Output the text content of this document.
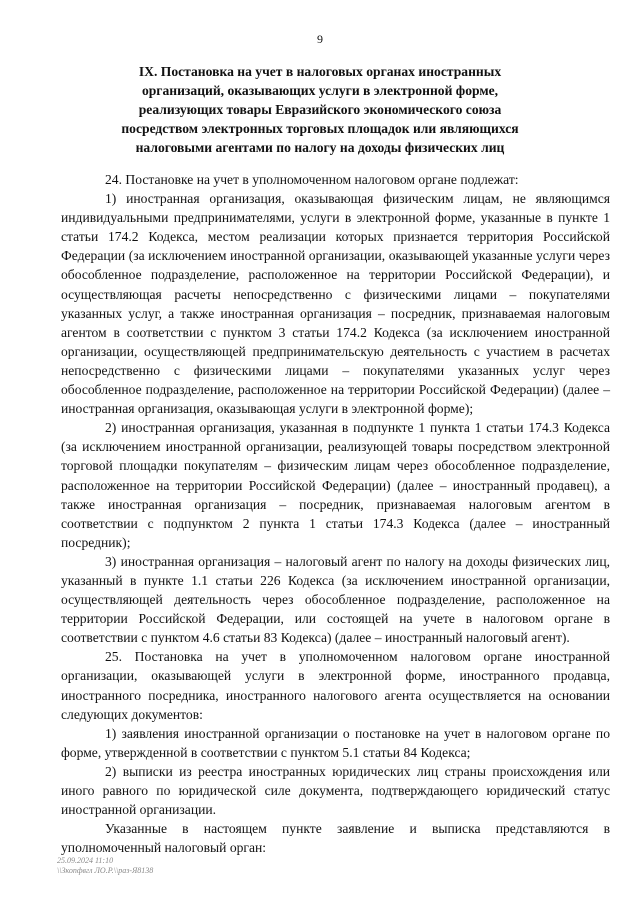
9
IX. Постановка на учет в налоговых органах иностранных организаций, оказывающих услуги в электронной форме, реализующих товары Евразийского экономического союза посредством электронных торговых площадок или являющихся налоговыми агентами по налогу на доходы физических лиц

24. Постановке на учет в уполномоченном налоговом органе подлежат:

1) иностранная организация, оказывающая физическим лицам, не являющимся индивидуальными предпринимателями, услуги в электронной форме, указанные в пункте 1 статьи 174.2 Кодекса, местом реализации которых признается территория Российской Федерации (за исключением иностранной организации, оказывающей указанные услуги через обособленное подразделение, расположенное на территории Российской Федерации), и осуществляющая расчеты непосредственно с физическими лицами – покупателями указанных услуг, а также иностранная организация – посредник, признаваемая налоговым агентом в соответствии с пунктом 3 статьи 174.2 Кодекса (за исключением иностранной организации, осуществляющей предпринимательскую деятельность с участием в расчетах непосредственно с физическими лицами – покупателями указанных услуг через обособленное подразделение, расположенное на территории Российской Федерации) (далее – иностранная организация, оказывающая услуги в электронной форме);

2) иностранная организация, указанная в подпункте 1 пункта 1 статьи 174.3 Кодекса (за исключением иностранной организации, реализующей товары посредством электронной торговой площадки покупателям – физическим лицам через обособленное подразделение, расположенное на территории Российской Федерации) (далее – иностранный продавец), а также иностранная организация – посредник, признаваемая налоговым агентом в соответствии с подпунктом 2 пункта 1 статьи 174.3 Кодекса (далее – иностранный посредник);

3) иностранная организация – налоговый агент по налогу на доходы физических лиц, указанный в пункте 1.1 статьи 226 Кодекса (за исключением иностранной организации, осуществляющей деятельность через обособленное подразделение, расположенное на территории Российской Федерации, или состоящей на учете в налоговом органе в соответствии с пунктом 4.6 статьи 83 Кодекса) (далее – иностранный налоговый агент).

25. Постановка на учет в уполномоченном налоговом органе иностранной организации, оказывающей услуги в электронной форме, иностранного продавца, иностранного посредника, иностранного налогового агента осуществляется на основании следующих документов:

1) заявления иностранной организации о постановке на учет в налоговом органе по форме, утвержденной в соответствии с пунктом 5.1 статьи 84 Кодекса;

2) выписки из реестра иностранных юридических лиц страны происхождения или иного равного по юридической силе документа, подтверждающего юридический статус иностранной организации.

Указанные в настоящем пункте заявление и выписка представляются в уполномоченный налоговый орган:

25.09.2024 11:10
\\Зкопфвгл ЛО.Р.\\раз-Я8138
